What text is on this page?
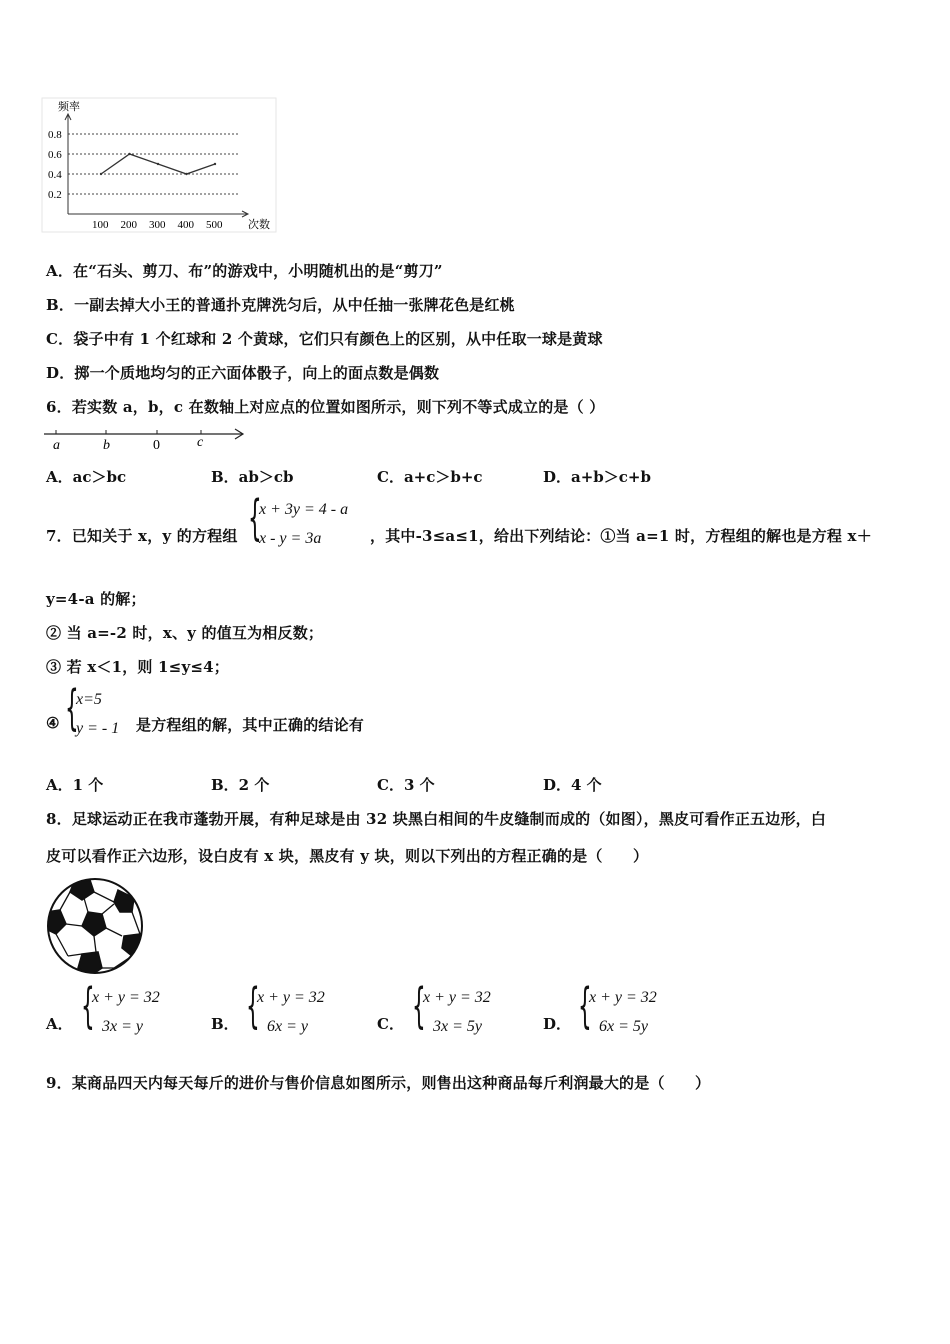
0.8
0.6
0.4
0.2
频率
次数
100 200 300 400 500
A．在“石头、剪刀、布”的游戏中，小明随机出的是“剪刀”
B．一副去掉大小王的普通扑克牌洗匀后，从中任抽一张牌花色是红桃
C．袋子中有 1 个红球和 2 个黄球，它们只有颜色上的区别，从中任取一球是黄球
D．掷一个质地均匀的正六面体骰子，向上的面点数是偶数
6．若实数 a，b，c 在数轴上对应点的位置如图所示，则下列不等式成立的是（ ）
a	b	0	c
A．ac＞bc	B．ab＞cb	C．a+c＞b+c	D．a+b＞c+b
7．已知关于 x，y 的方程组 {
x + 3y = 4 - a
x - y = 3a	，其中-3≤a≤1，给出下列结论：①当 a=1 时，方程组的解也是方程 x＋
y=4-a 的解；
② 当 a=-2 时，x、y 的值互为相反数；
③ 若 x＜1，则 1≤y≤4；
④ {
x=5
y = - 1 是方程组的解，其中正确的结论有
A．1 个	B．2 个	C．3 个	D．4 个
8．足球运动正在我市蓬勃开展，有种足球是由 32 块黑白相间的牛皮缝制而成的（如图），黑皮可看作正五边形，白
皮可以看作正六边形，设白皮有 x 块，黑皮有 y 块，则以下列出的方程正确的是（　　）
A． {
x + y = 32
3x = y	B． {
x + y = 32
6x = y	C． {
x + y = 32
3x = 5y	D． {
x + y = 32
6x = 5y
9．某商品四天内每天每斤的进价与售价信息如图所示，则售出这种商品每斤利润最大的是（　　）
